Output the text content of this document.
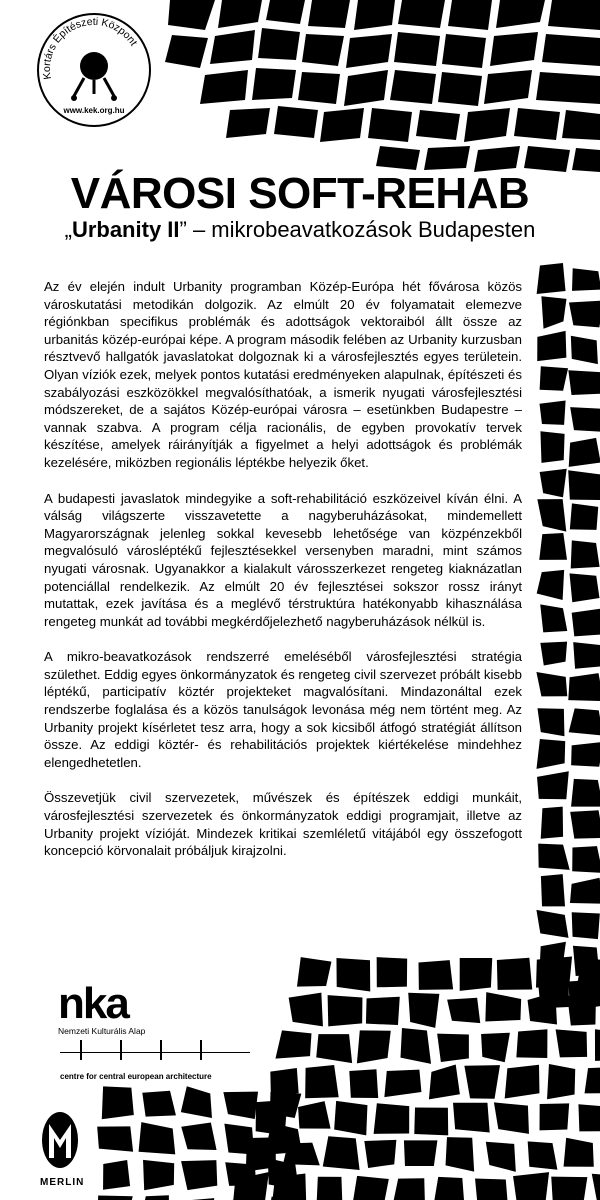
Kortárs Építészeti Központ
www.kek.org.hu
VÁROSI SOFT-REHAB
„Urbanity II” – mikrobeavatkozások Budapesten

Az év elején indult Urbanity programban Közép-Európa hét fővárosa közös városkutatási metodikán dolgozik. Az elmúlt 20 év folyamatait elemezve régiónkban specifikus problémák és adottságok vektoraiból állt össze az urbanitás közép-európai képe. A program második felében az Urbanity kurzusban résztvevő hallgatók javaslatokat dolgoznak ki a városfejlesztés egyes területein. Olyan víziók ezek, melyek pontos kutatási eredményeken alapulnak, építészeti és szabályozási eszközökkel megvalósíthatóak, a ismerik nyugati városfejlesztési módszereket, de a sajátos Közép-európai városra – esetünkben Budapestre – vannak szabva. A program célja racionális, de egyben provokatív tervek készítése, amelyek ráirányítják a figyelmet a helyi adottságok és problémák kezelésére, miközben regionális léptékbe helyezik őket.

A budapesti javaslatok mindegyike a soft-rehabilitáció eszközeivel kíván élni. A válság világszerte visszavetette a nagyberuházásokat, mindemellett Magyarországnak jelenleg sokkal kevesebb lehetősége van közpénzekből megvalósuló városléptékű fejlesztésekkel versenyben maradni, mint számos nyugati városnak. Ugyanakkor a kialakult városszerkezet rengeteg kiaknázatlan potenciállal rendelkezik. Az elmúlt 20 év fejlesztései sokszor rossz irányt mutattak, ezek javítása és a meglévő térstruktúra hatékonyabb kihasználása rengeteg munkát ad további megkérdőjelezhető nagyberuházások nélkül is.

A mikro-beavatkozások rendszerré emeléséből városfejlesztési stratégia születhet. Eddig egyes önkormányzatok és rengeteg civil szervezet próbált kisebb léptékű, participatív köztér projekteket magvalósítani. Mindazonáltal ezek rendszerbe foglalása és a közös tanulságok levonása még nem történt meg. Az Urbanity projekt kísérletet tesz arra, hogy a sok kicsiből átfogó stratégiát állítson össze. Az eddigi köztér- és rehabilitációs projektek kiértékelése mindehhez elengedhetetlen.

Összevetjük civil szervezetek, művészek és építészek eddigi munkáit, városfejlesztési szervezetek és önkormányzatok eddigi programjait, illetve az Urbanity projekt vízióját. Mindezek kritikai szemléletű vitájából egy összefogott koncepció körvonalait próbáljuk kirajzolni.

nka
Nemzeti Kulturális Alap
centre for central european architecture
MERLIN
